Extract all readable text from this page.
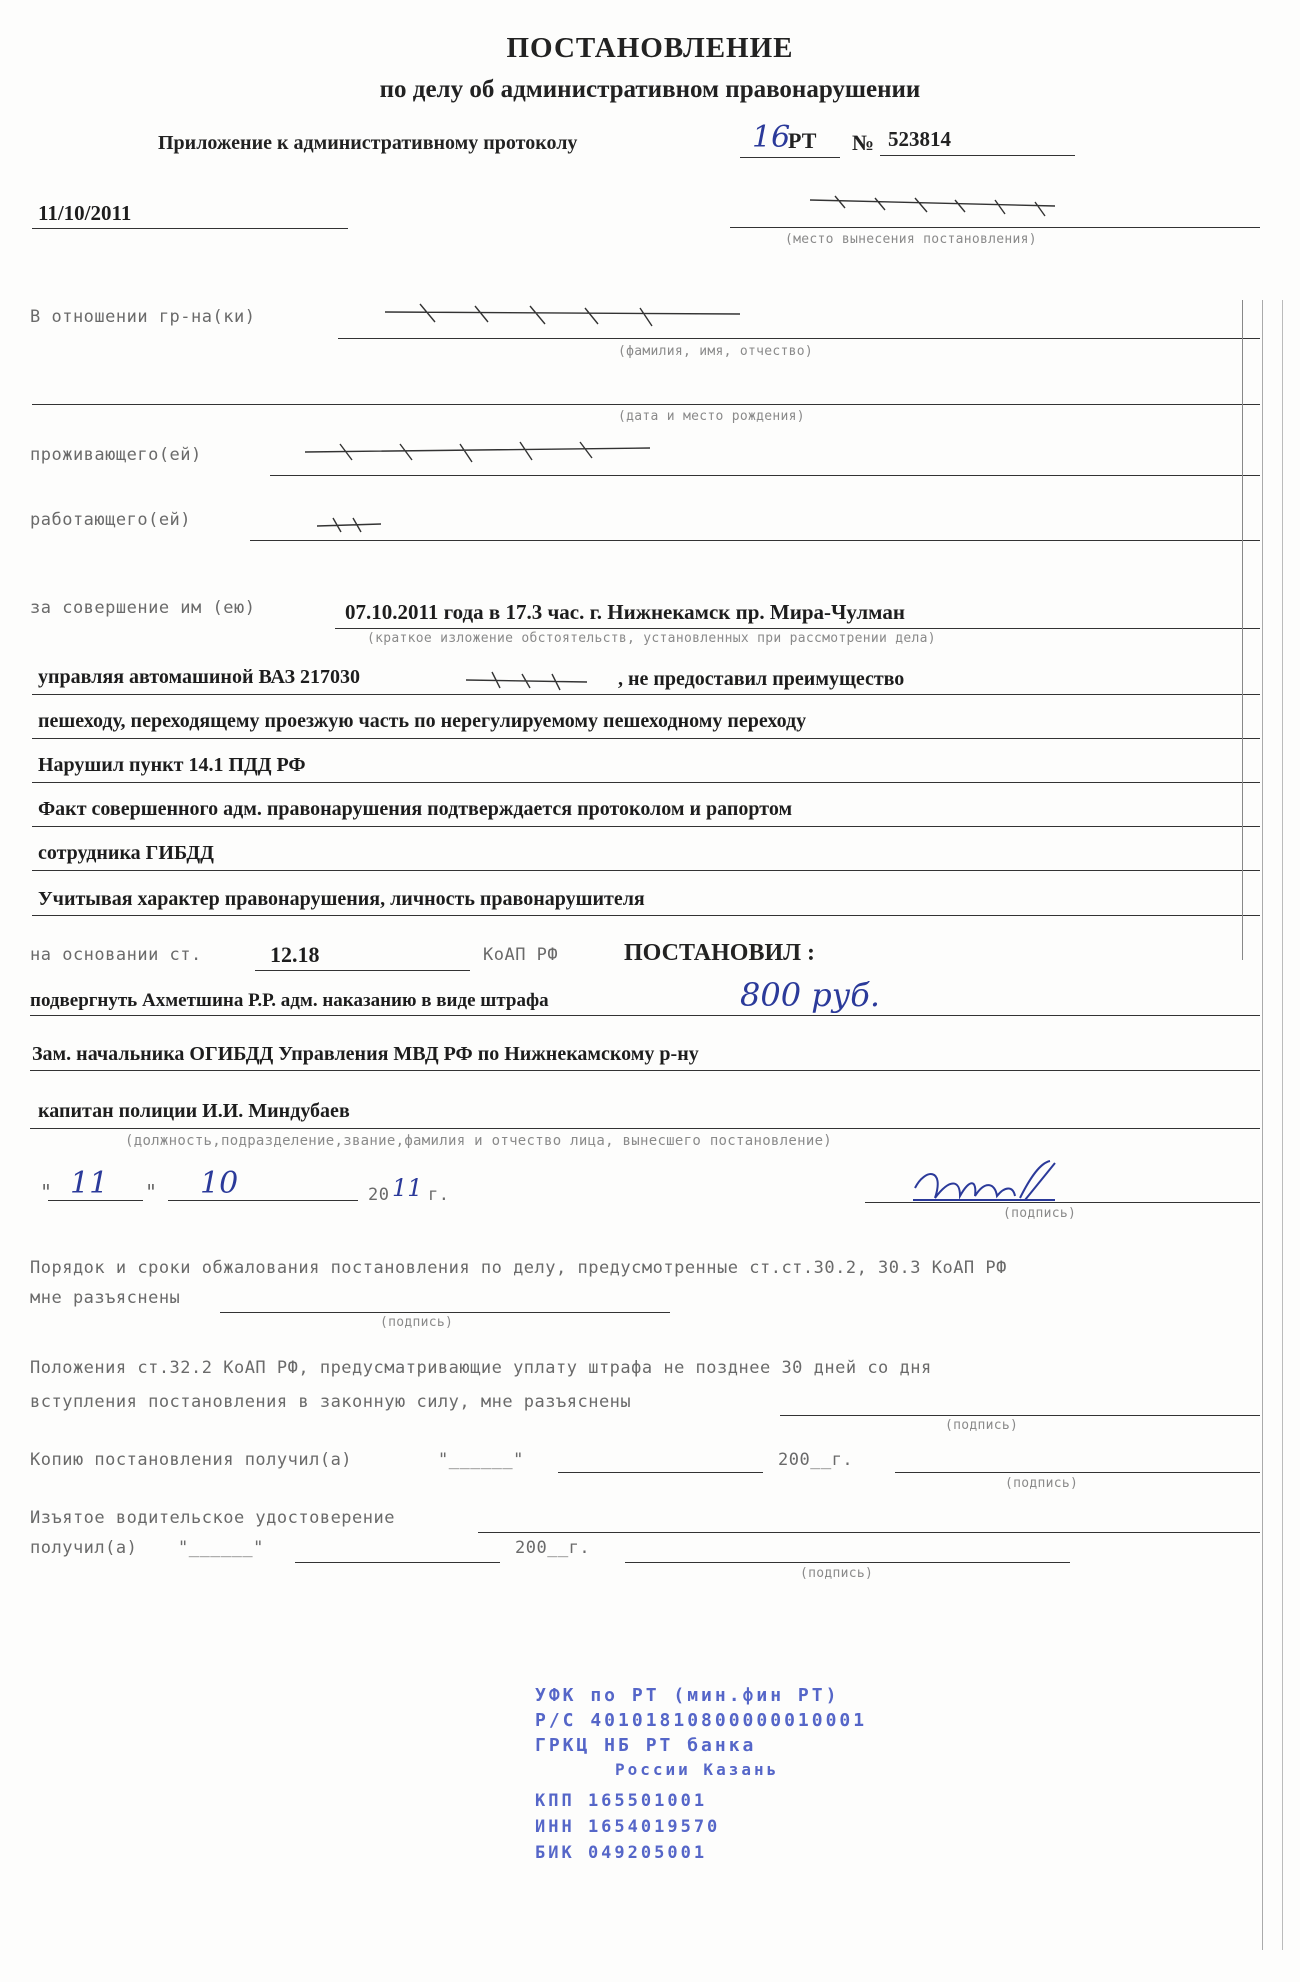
ПОСТАНОВЛЕНИЕ
по делу об административном правонарушении
Приложение к административному протоколу	16
РТ № 523814
11/10/2011
(место вынесения постановления)
В отношении гр-на(ки)
(фамилия, имя, отчество)
(дата и место рождения)
проживающего(ей)
работающего(ей)
за совершение им (ею)	07.10.2011 года в 17.3 час. г. Нижнекамск пр. Мира-Чулман
(краткое изложение обстоятельств, установленных при рассмотрении дела)
управляя автомашиной ВАЗ 217030	, не предоставил преимущество
пешеходу, переходящему проезжую часть по нерегулируемому пешеходному переходу
Нарушил пункт 14.1 ПДД РФ
Факт совершенного адм. правонарушения подтверждается протоколом и рапортом
сотрудника ГИБДД
Учитывая характер правонарушения, личность правонарушителя
на основании ст.	12.18	КоАП РФ	ПОСТАНОВИЛ :
подвергнуть Ахметшина Р.Р. адм. наказанию в виде штрафа	800 руб.
Зам. начальника ОГИБДД Управления МВД РФ по Нижнекамскому р-ну
капитан полиции И.И. Миндубаев
(должность,подразделение,звание,фамилия и отчество лица, вынесшего постановление)
" 11 " 10	20 11 г.
(подпись)
Порядок и сроки обжалования постановления по делу, предусмотренные ст.ст.30.2, 30.3 КоАП РФ
мне разъяснены
(подпись)
Положения ст.32.2 КоАП РФ, предусматривающие уплату штрафа не позднее 30 дней со дня
вступления постановления в законную силу, мне разъяснены
(подпись)
Копию постановления получил(а)	"______"	200__г.
(подпись)
Изъятое водительское удостоверение
получил(а) "______"	200__г.
(подпись)
УФК по РТ (мин.фин РТ)
Р/С 40101810800000010001
ГРКЦ НБ РТ банка
России Казань
КПП 165501001
ИНН 1654019570
БИК 049205001
